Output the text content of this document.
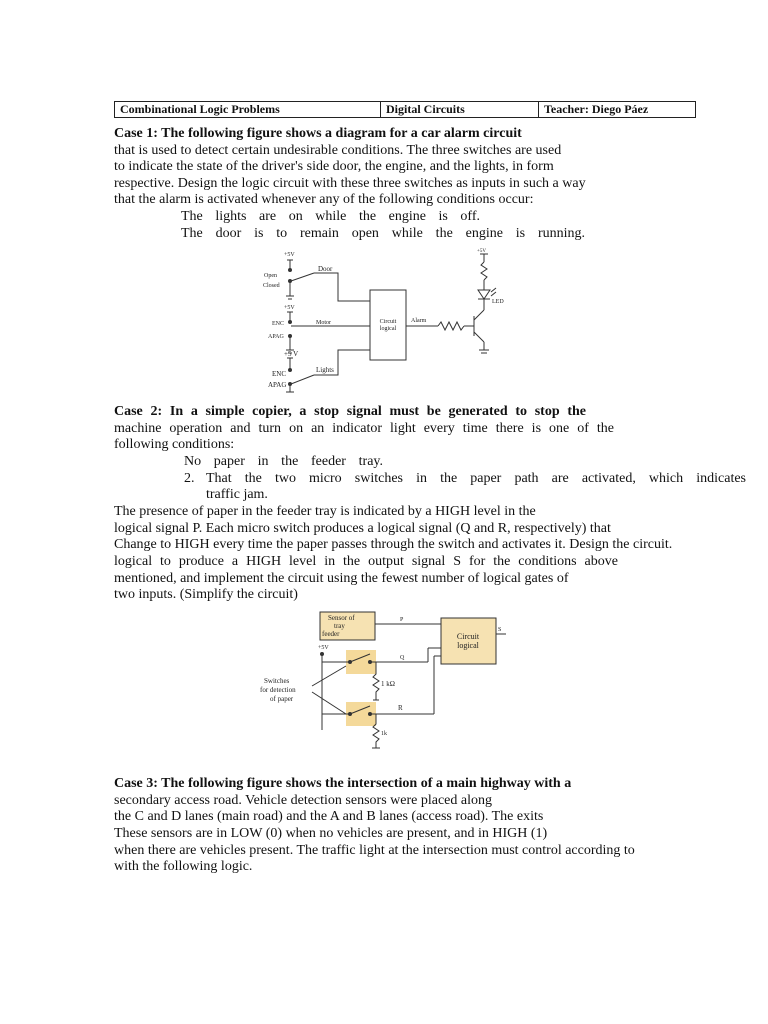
Combinational Logic Problems	Digital Circuits	Teacher: Diego Páez
Case 1: The following figure shows a diagram for a car alarm circuit
that is used to detect certain undesirable conditions. The three switches are used
to indicate the state of the driver's side door, the engine, and the lights, in form
respective. Design the logic circuit with these three switches as inputs in such a way
that the alarm is activated whenever any of the following conditions occur:
The lights are on while the engine is off.
The door is to remain open while the engine is running.
+5V
Open
Closed
Door
+5V
ENC
APAG
Motor
+5 V
ENC
APAG
Lights
Circuit
logical
Alarm
+5V
LED
Case 2: In a simple copier, a stop signal must be generated to stop the
machine operation and turn on an indicator light every time there is one of the
following conditions:
No paper in the feeder tray.
2. That the two micro switches in the paper path are activated, which indicates
traffic jam.
The presence of paper in the feeder tray is indicated by a HIGH level in the
logical signal P. Each micro switch produces a logical signal (Q and R, respectively) that
Change to HIGH every time the paper passes through the switch and activates it. Design the circuit.
logical to produce a HIGH level in the output signal S for the conditions above
mentioned, and implement the circuit using the fewest number of logical gates of
two inputs. (Simplify the circuit)
Sensor of
tray
feeder
+5V
P
Q
R
S
Circuit
logical
1 kΩ
1k
Switches
for detection
of paper
Case 3: The following figure shows the intersection of a main highway with a
secondary access road. Vehicle detection sensors were placed along
the C and D lanes (main road) and the A and B lanes (access road). The exits
These sensors are in LOW (0) when no vehicles are present, and in HIGH (1)
when there are vehicles present. The traffic light at the intersection must control according to
with the following logic.
